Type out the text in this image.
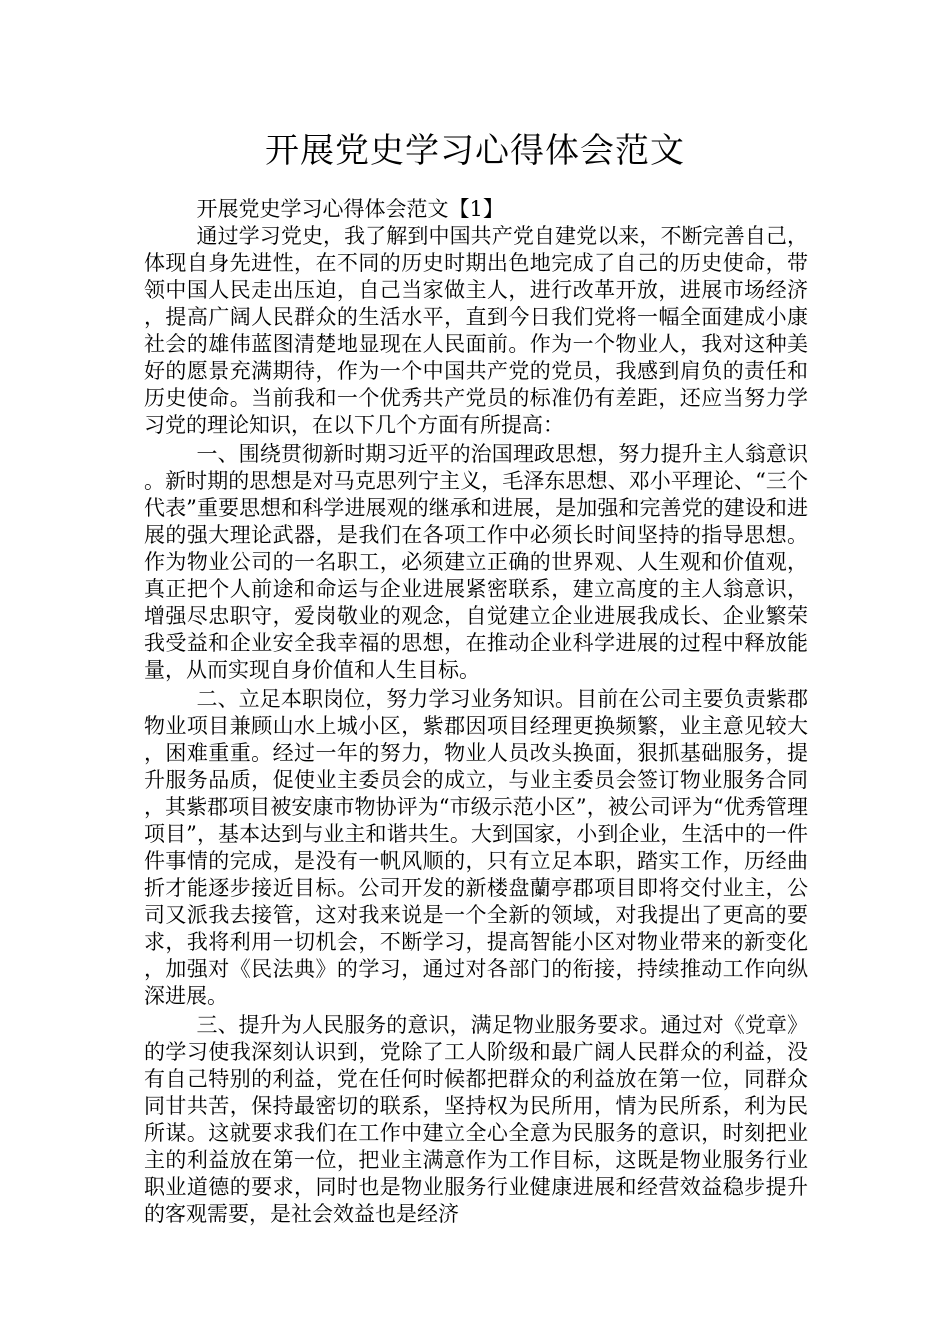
开展党史学习心得体会范文

开展党史学习心得体会范文【1】

通过学习党史，我了解到中国共产党自建党以来，不断完善自己，体现自身先进性，在不同的历史时期出色地完成了自己的历史使命，带领中国人民走出压迫，自己当家做主人，进行改革开放，进展市场经济，提高广阔人民群众的生活水平，直到今日我们党将一幅全面建成小康社会的雄伟蓝图清楚地显现在人民面前。作为一个物业人，我对这种美好的愿景充满期待，作为一个中国共产党的党员，我感到肩负的责任和历史使命。当前我和一个优秀共产党员的标准仍有差距，还应当努力学习党的理论知识，在以下几个方面有所提高：

一、围绕贯彻新时期习近平的治国理政思想，努力提升主人翁意识。新时期的思想是对马克思列宁主义，毛泽东思想、邓小平理论、“三个代表”重要思想和科学进展观的继承和进展，是加强和完善党的建设和进展的强大理论武器，是我们在各项工作中必须长时间坚持的指导思想。作为物业公司的一名职工，必须建立正确的世界观、人生观和价值观，真正把个人前途和命运与企业进展紧密联系，建立高度的主人翁意识，增强尽忠职守，爱岗敬业的观念，自觉建立企业进展我成长、企业繁荣我受益和企业安全我幸福的思想，在推动企业科学进展的过程中释放能量，从而实现自身价值和人生目标。

二、立足本职岗位，努力学习业务知识。目前在公司主要负责紫郡物业项目兼顾山水上城小区，紫郡因项目经理更换频繁，业主意见较大，困难重重。经过一年的努力，物业人员改头换面，狠抓基础服务，提升服务品质，促使业主委员会的成立，与业主委员会签订物业服务合同，其紫郡项目被安康市物协评为“市级示范小区”，被公司评为“优秀管理项目”，基本达到与业主和谐共生。大到国家，小到企业，生活中的一件件事情的完成，是没有一帆风顺的，只有立足本职，踏实工作，历经曲折才能逐步接近目标。公司开发的新楼盘蘭亭郡项目即将交付业主，公司又派我去接管，这对我来说是一个全新的领域，对我提出了更高的要求，我将利用一切机会，不断学习，提高智能小区对物业带来的新变化，加强对《民法典》的学习，通过对各部门的衔接，持续推动工作向纵深进展。

三、提升为人民服务的意识，满足物业服务要求。通过对《党章》的学习使我深刻认识到，党除了工人阶级和最广阔人民群众的利益，没有自己特别的利益，党在任何时候都把群众的利益放在第一位，同群众同甘共苦，保持最密切的联系，坚持权为民所用，情为民所系，利为民所谋。这就要求我们在工作中建立全心全意为民服务的意识，时刻把业主的利益放在第一位，把业主满意作为工作目标，这既是物业服务行业职业道德的要求，同时也是物业服务行业健康进展和经营效益稳步提升的客观需要，是社会效益也是经济
